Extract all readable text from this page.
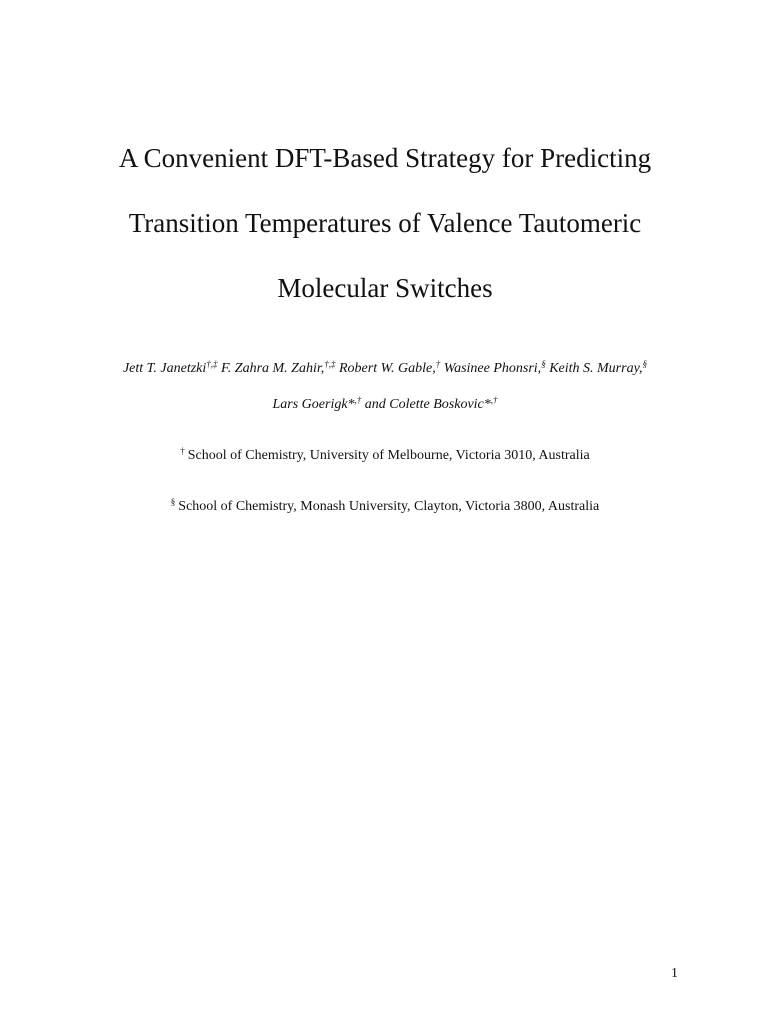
A Convenient DFT-Based Strategy for Predicting
Transition Temperatures of Valence Tautomeric
Molecular Switches
Jett T. Janetzki†,‡ F. Zahra M. Zahir,†,‡ Robert W. Gable,† Wasinee Phonsri,§ Keith S. Murray,§
Lars Goerigk*,† and Colette Boskovic*,†
† School of Chemistry, University of Melbourne, Victoria 3010, Australia
§ School of Chemistry, Monash University, Clayton, Victoria 3800, Australia
1
